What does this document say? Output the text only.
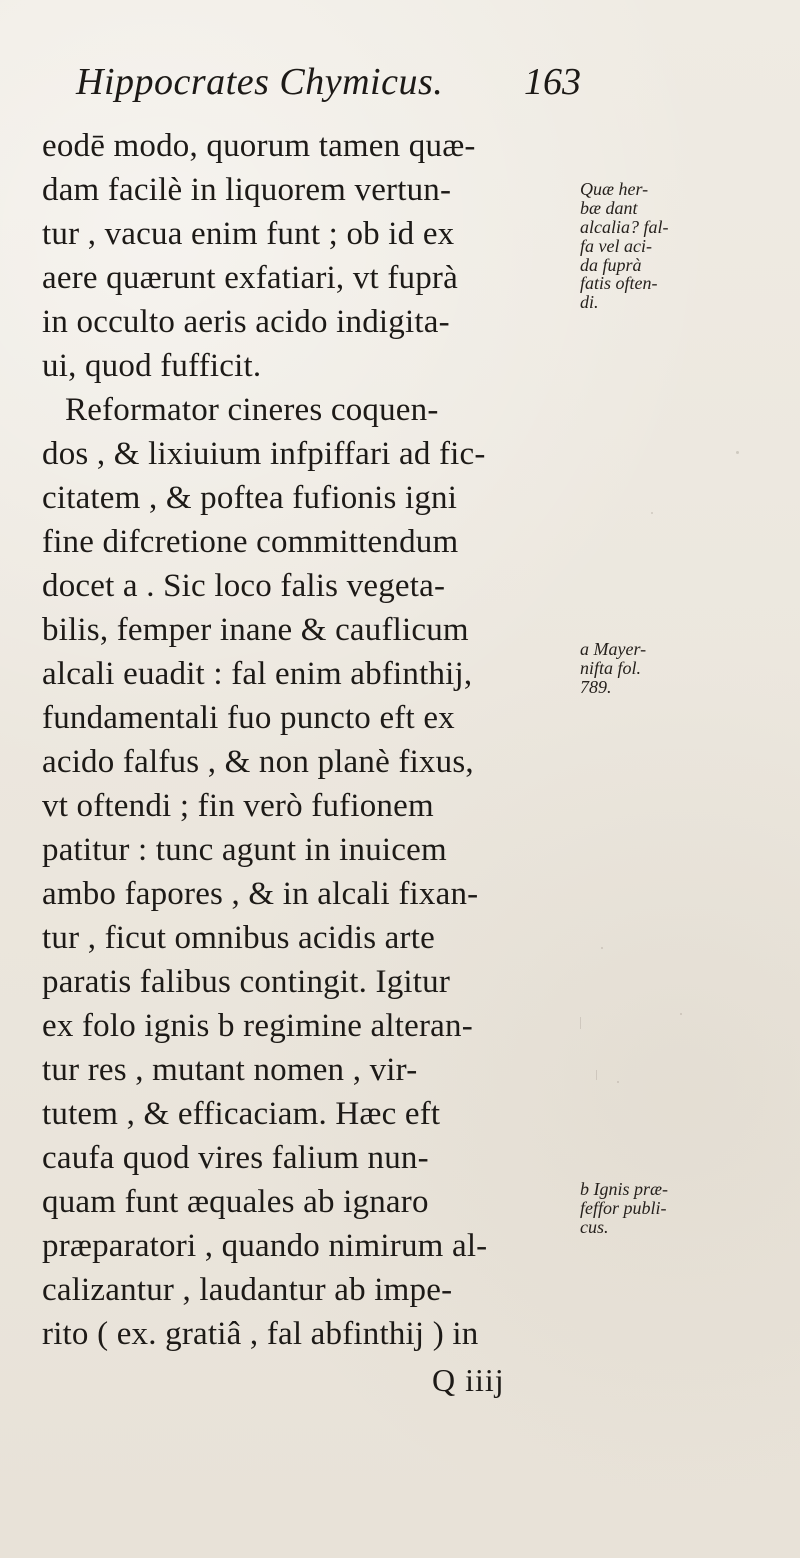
Hippocrates Chymicus. 163
eodē modo, quorum tamen quæ-
dam facilè in liquorem vertun-
tur , vacua enim funt ; ob id ex
aere quærunt exfatiari, vt fuprà
in occulto aeris acido indigita-
ui, quod fufficit.
Reformator cineres coquen-
dos , & lixiuium infpiffari ad fic-
citatem , & poftea fufionis igni
fine difcretione committendum
docet a . Sic loco falis vegeta-
bilis, femper inane & cauflicum
alcali euadit : fal enim abfinthij,
fundamentali fuo puncto eft ex
acido falfus , & non planè fixus,
vt oftendi ; fin verò fufionem
patitur : tunc agunt in inuicem
ambo fapores , & in alcali fixan-
tur , ficut omnibus acidis arte
paratis falibus contingit. Igitur
ex folo ignis b regimine alteran-
tur res , mutant nomen , vir-
tutem , & efficaciam. Hæc eft
caufa quod vires falium nun-
quam funt æquales ab ignaro
præparatori , quando nimirum al-
calizantur , laudantur ab impe-
rito ( ex. gratiâ , fal abfinthij ) in
Q iiij
Quæ her-
bæ dant
alcalia? fal-
fa vel aci-
da fuprà
fatis often-
di.
a Mayer-
nifta fol.
789.
b Ignis præ-
feffor publi-
cus.
